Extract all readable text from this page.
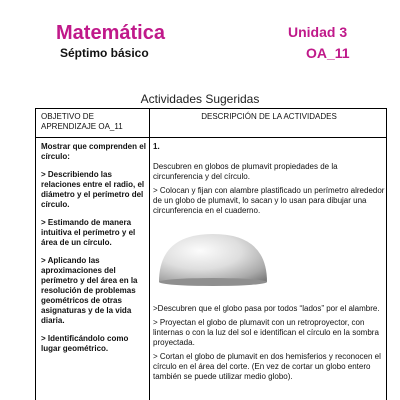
Matemática
Séptimo básico
Unidad 3
OA_11
Actividades Sugeridas
OBJETIVO DE APRENDIZAJE OA_11
DESCRIPCIÓN DE LA ACTIVIDADES

Mostrar que comprenden el círculo:

> Describiendo las relaciones entre el radio, el diámetro y el perímetro del círculo.

> Estimando de manera intuitiva el perímetro y el área de un círculo.

> Aplicando las aproximaciones del perímetro y del área en la resolución de problemas geométricos de otras asignaturas y de la vida diaria.

> Identificándolo como lugar geométrico.

1.

Descubren en globos de plumavit propiedades de la circunferencia y del círculo.

> Colocan y fijan con alambre plastificado un perímetro alrededor de un globo de plumavit, lo sacan y lo usan para dibujar una circunferencia en el cuaderno.

>Descubren que el globo pasa por todos “lados” por el alambre.

> Proyectan el globo de plumavit con un retroproyector, con linternas o con la luz del sol e identifican el círculo en la sombra proyectada.

> Cortan el globo de plumavit en dos hemisferios y reconocen el círculo en el área del corte. (En vez de cortar un globo entero también se puede utilizar medio globo).
